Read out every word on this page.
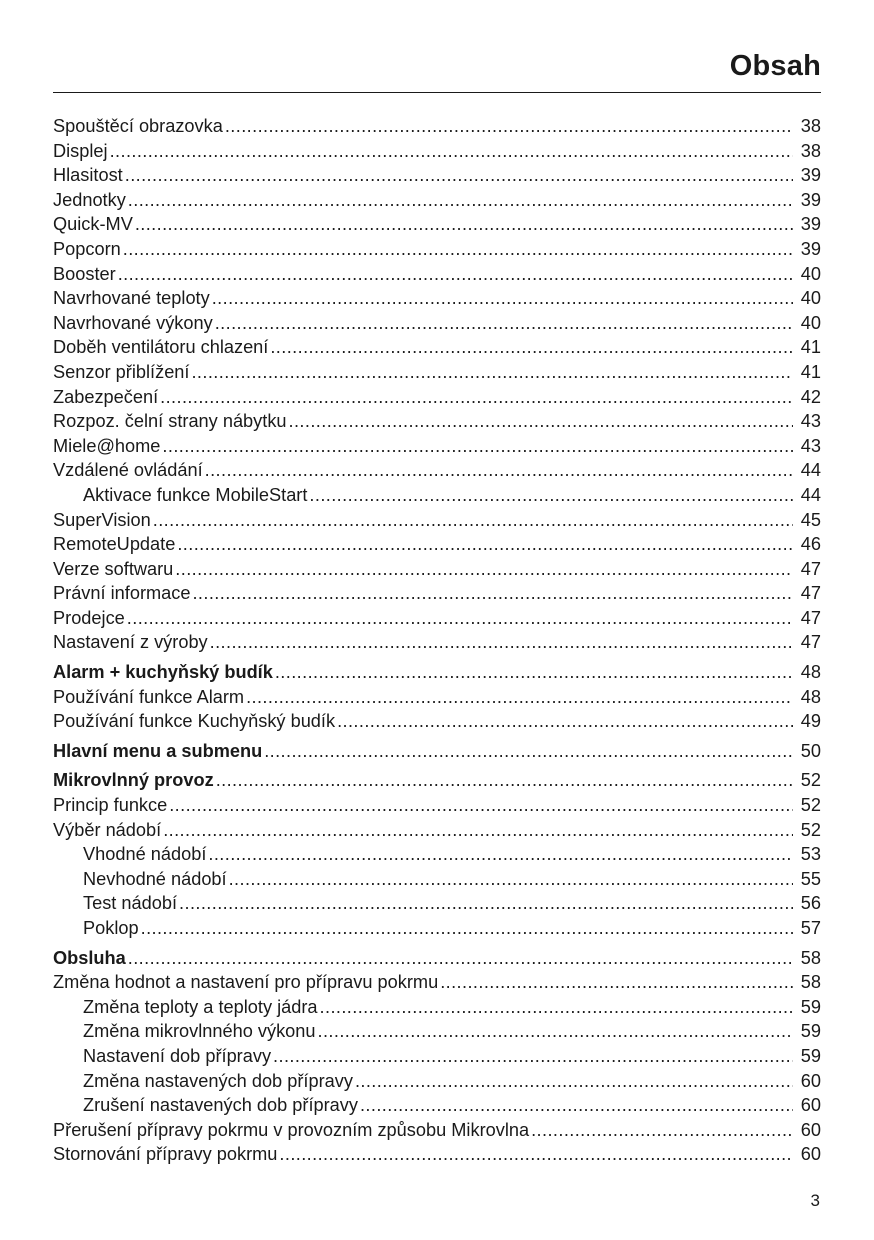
Obsah
Spouštěcí obrazovka .....	38
Displej .....	38
Hlasitost .....	39
Jednotky .....	39
Quick-MV .....	39
Popcorn .....	39
Booster .....	40
Navrhované teploty .....	40
Navrhované výkony .....	40
Doběh ventilátoru chlazení .....	41
Senzor přiblížení .....	41
Zabezpečení .....	42
Rozpoz. čelní strany nábytku .....	43
Miele@home .....	43
Vzdálené ovládání .....	44
Aktivace funkce MobileStart .....	44
SuperVision .....	45
RemoteUpdate .....	46
Verze softwaru .....	47
Právní informace .....	47
Prodejce .....	47
Nastavení z výroby .....	47
Alarm + kuchyňský budík .....	48
Používání funkce Alarm .....	48
Používání funkce Kuchyňský budík .....	49
Hlavní menu a submenu .....	50
Mikrovlnný provoz .....	52
Princip funkce .....	52
Výběr nádobí .....	52
Vhodné nádobí .....	53
Nevhodné nádobí .....	55
Test nádobí .....	56
Poklop .....	57
Obsluha .....	58
Změna hodnot a nastavení pro přípravu pokrmu .....	58
Změna teploty a teploty jádra .....	59
Změna mikrovlnného výkonu .....	59
Nastavení dob přípravy .....	59
Změna nastavených dob přípravy .....	60
Zrušení nastavených dob přípravy .....	60
Přerušení přípravy pokrmu v provozním způsobu Mikrovlna .....	60
Stornování přípravy pokrmu .....	60
3
